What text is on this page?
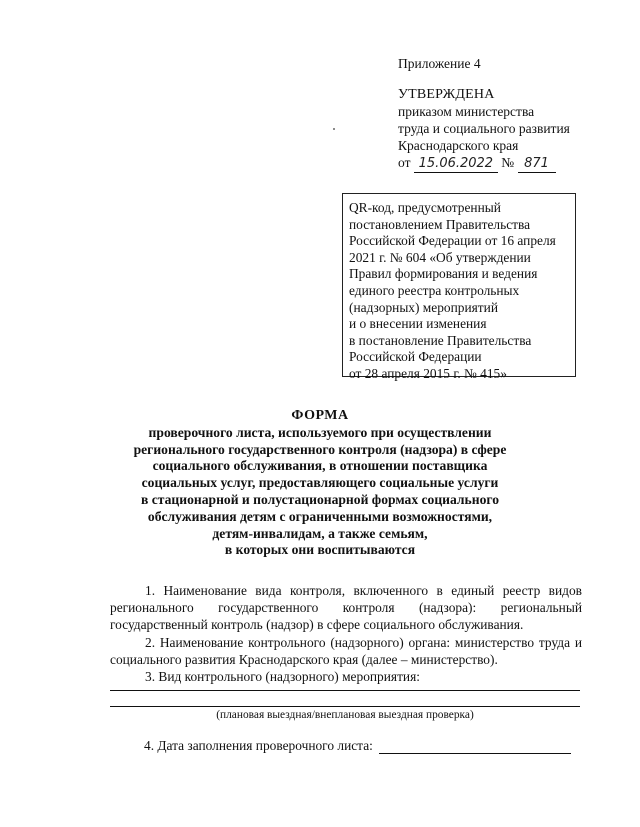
Приложение 4
УТВЕРЖДЕНА
приказом министерства
труда и социального развития
Краснодарского края
от 15.06.2022 № 871
QR-код, предусмотренный
постановлением Правительства
Российской Федерации от 16 апреля
2021 г. № 604 «Об утверждении
Правил формирования и ведения
единого реестра контрольных
(надзорных) мероприятий
и о внесении изменения
в постановление Правительства
Российской Федерации
от 28 апреля 2015 г. № 415»
ФОРМА
проверочного листа, используемого при осуществлении
регионального государственного контроля (надзора) в сфере
социального обслуживания, в отношении поставщика
социальных услуг, предоставляющего социальные услуги
в стационарной и полустационарной формах социального
обслуживания детям с ограниченными возможностями,
детям-инвалидам, а также семьям,
в которых они воспитываются

1. Наименование вида контроля, включенного в единый реестр видов регионального государственного контроля (надзора): региональный государственный контроль (надзор) в сфере социального обслуживания.

2. Наименование контрольного (надзорного) органа: министерство труда и социального развития Краснодарского края (далее – министерство).

3. Вид контрольного (надзорного) мероприятия:

(плановая выездная/внеплановая выездная проверка)
4. Дата заполнения проверочного листа:
